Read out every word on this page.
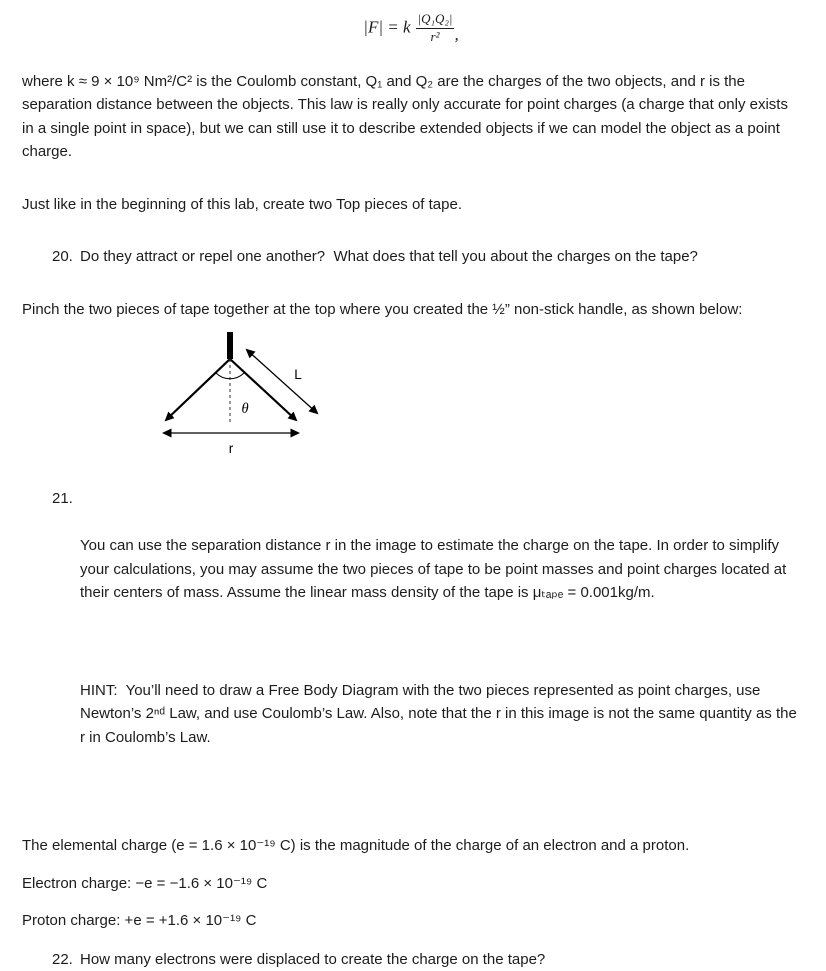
|F| = k $\frac{\text{|Q₁Q₂|}}{\text{r²}}$ ,

where k ≈ 9 × 10⁹ Nm²/C² is the Coulomb constant, Q₁ and Q₂ are the charges of the two objects, and r is the separation distance between the objects. This law is really only accurate for point charges (a charge that only exists in a single point in space), but we can still use it to describe extended objects if we can model the object as a point charge.

Just like in the beginning of this lab, create two Top pieces of tape.

20. Do they attract or repel one another?  What does that tell you about the charges on the tape?

Pinch the two pieces of tape together at the top where you created the ½” non-stick handle, as shown below:

L
θ
r
21.

You can use the separation distance r in the image to estimate the charge on the tape. In order to simplify your calculations, you may assume the two pieces of tape to be point masses and point charges located at their centers of mass. Assume the linear mass density of the tape is μₜₐₚₑ = 0.001kg/m.

HINT:  You’ll need to draw a Free Body Diagram with the two pieces represented as point charges, use Newton’s 2ⁿᵈ Law, and use Coulomb’s Law. Also, note that the r in this image is not the same quantity as the r in Coulomb’s Law.

The elemental charge (e = 1.6 × 10⁻¹⁹ C) is the magnitude of the charge of an electron and a proton.

Electron charge: −e = −1.6 × 10⁻¹⁹ C

Proton charge: +e = +1.6 × 10⁻¹⁹ C

22. How many electrons were displaced to create the charge on the tape?
